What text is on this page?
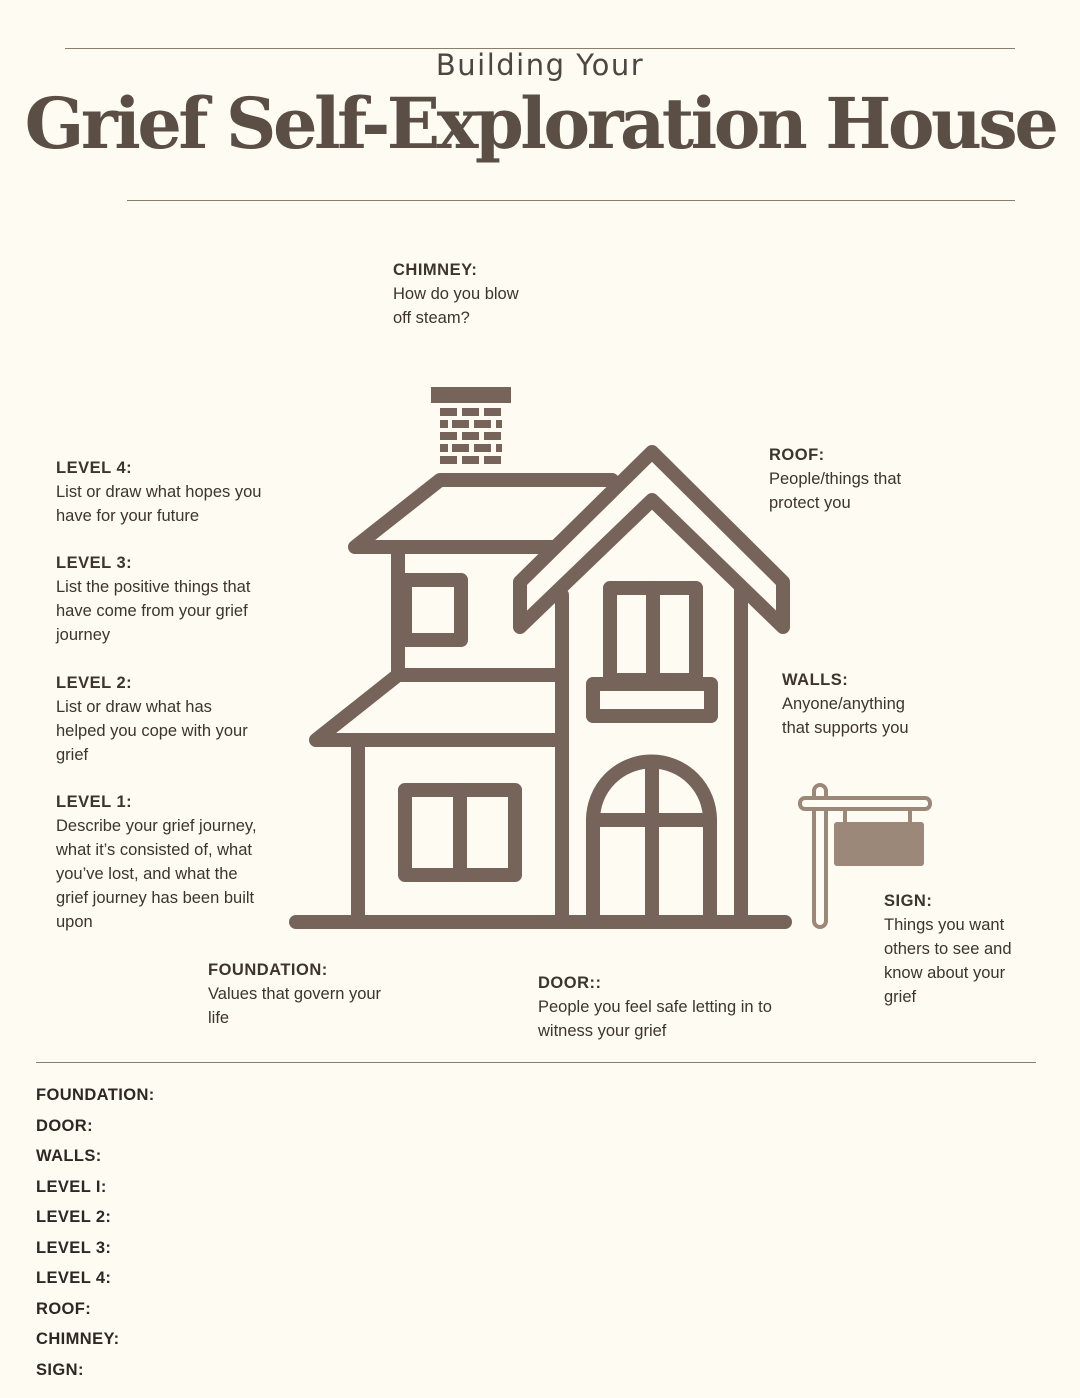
Building Your
Grief Self-Exploration House
CHIMNEY:
How do you blow
off steam?
ROOF:
People/things that
protect you
WALLS:
Anyone/anything
that supports you
SIGN:
Things you want
others to see and
know about your
grief
LEVEL 4:
List or draw what hopes you
have for your future
LEVEL 3:
List the positive things that
have come from your grief
journey
LEVEL 2:
List or draw what has
helped you cope with your
grief
LEVEL 1:
Describe your grief journey,
what it’s consisted of, what
you’ve lost, and what the
grief journey has been built
upon
FOUNDATION:
Values that govern your
life
DOOR::
People you feel safe letting in to
witness your grief
FOUNDATION:
DOOR:
WALLS:
LEVEL I:
LEVEL 2:
LEVEL 3:
LEVEL 4:
ROOF:
CHIMNEY:
SIGN:
